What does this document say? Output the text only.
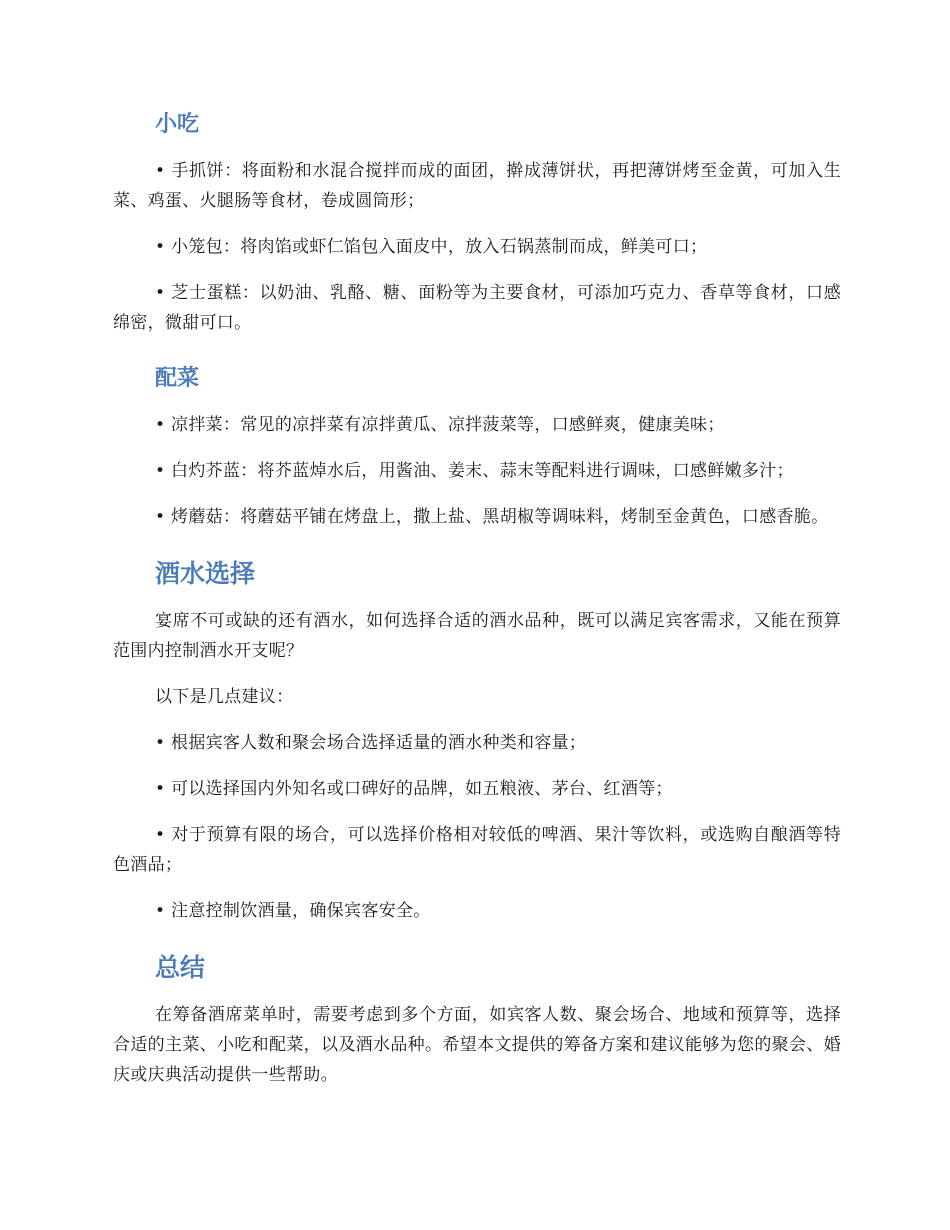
小吃

• 手抓饼：将面粉和水混合搅拌而成的面团，擀成薄饼状，再把薄饼烤至金黄，可加入生菜、鸡蛋、火腿肠等食材，卷成圆筒形；

• 小笼包：将肉馅或虾仁馅包入面皮中，放入石锅蒸制而成，鲜美可口；

• 芝士蛋糕：以奶油、乳酪、糖、面粉等为主要食材，可添加巧克力、香草等食材，口感绵密，微甜可口。

配菜

• 凉拌菜：常见的凉拌菜有凉拌黄瓜、凉拌菠菜等，口感鲜爽，健康美味；

• 白灼芥蓝：将芥蓝焯水后，用酱油、姜末、蒜末等配料进行调味，口感鲜嫩多汁；

• 烤蘑菇：将蘑菇平铺在烤盘上，撒上盐、黑胡椒等调味料，烤制至金黄色，口感香脆。

酒水选择

宴席不可或缺的还有酒水，如何选择合适的酒水品种，既可以满足宾客需求，又能在预算范围内控制酒水开支呢？

以下是几点建议：

• 根据宾客人数和聚会场合选择适量的酒水种类和容量；

• 可以选择国内外知名或口碑好的品牌，如五粮液、茅台、红酒等；

• 对于预算有限的场合，可以选择价格相对较低的啤酒、果汁等饮料，或选购自酿酒等特色酒品；

• 注意控制饮酒量，确保宾客安全。

总结

在筹备酒席菜单时，需要考虑到多个方面，如宾客人数、聚会场合、地域和预算等，选择合适的主菜、小吃和配菜，以及酒水品种。希望本文提供的筹备方案和建议能够为您的聚会、婚庆或庆典活动提供一些帮助。
